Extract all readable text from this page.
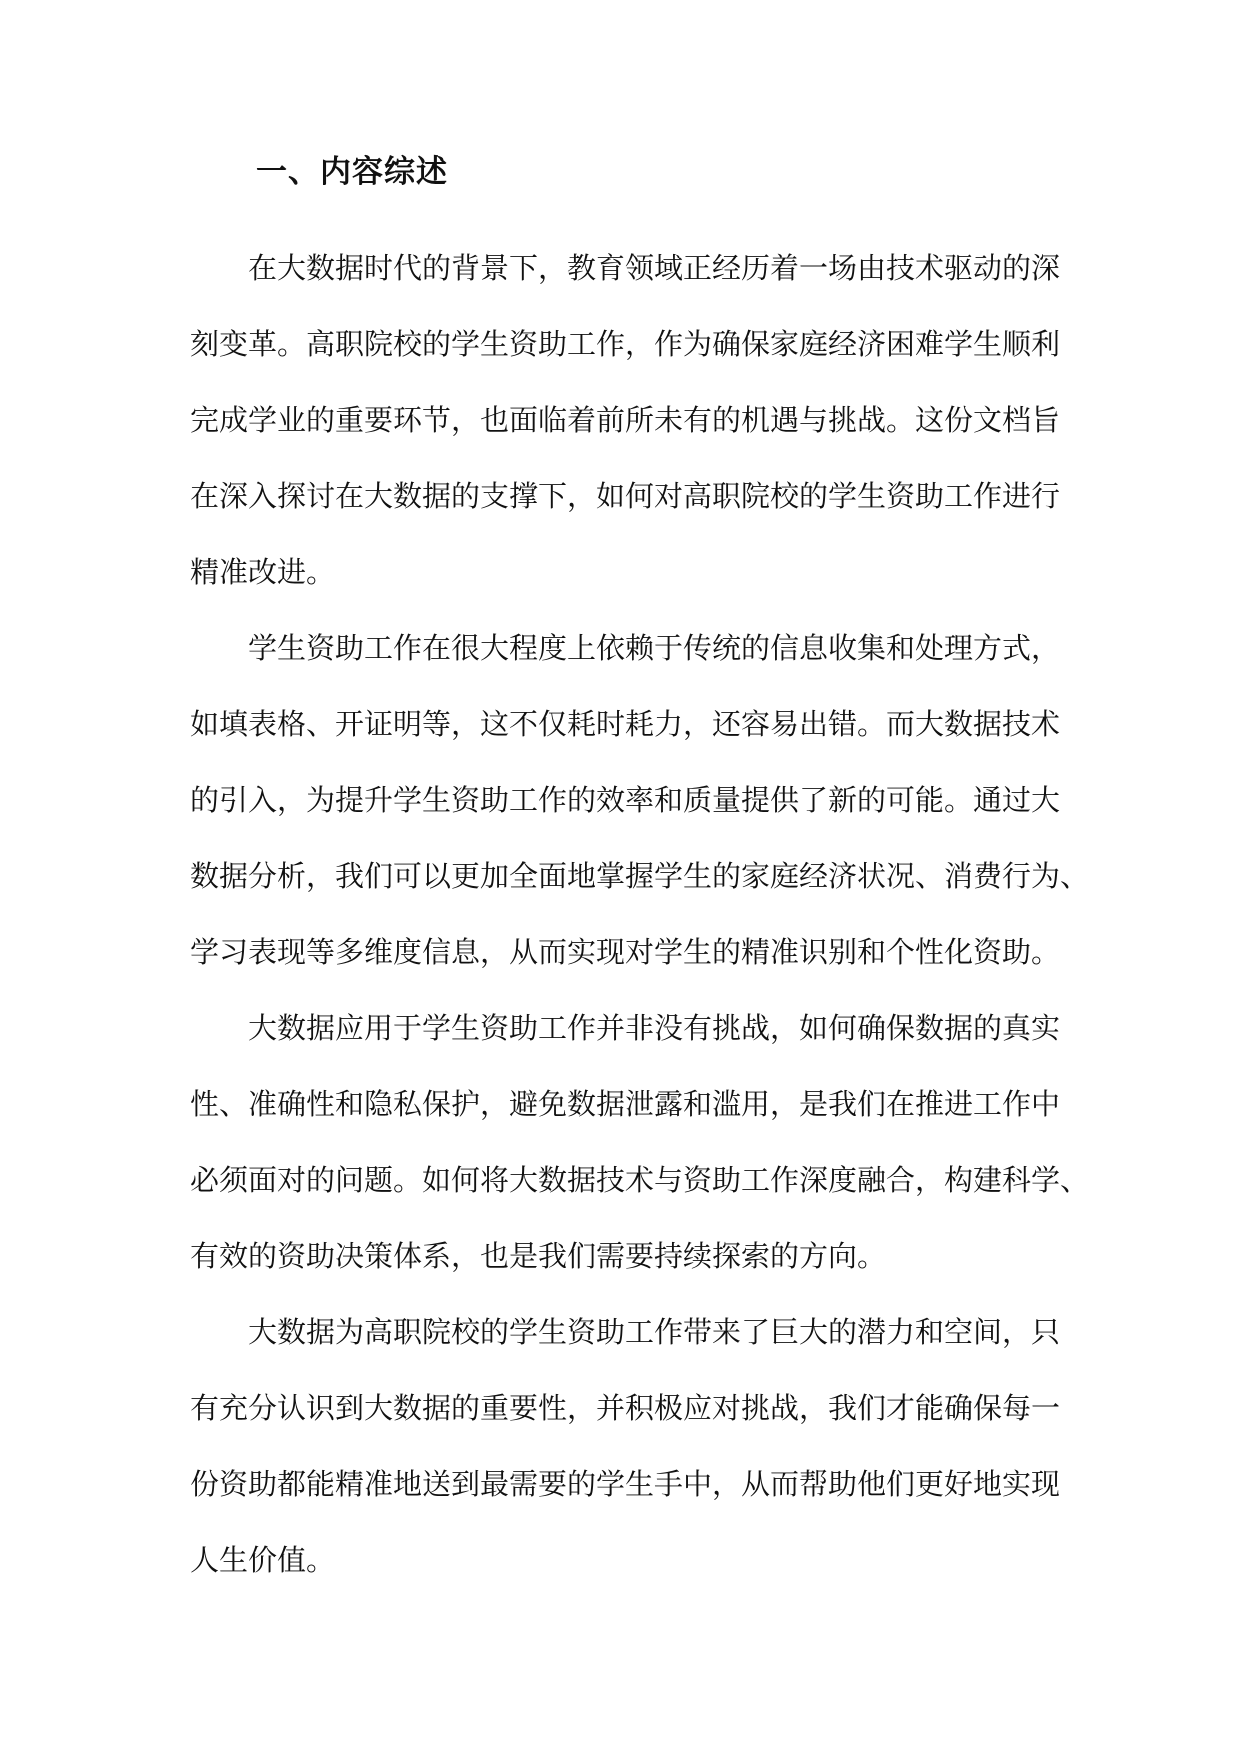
一、内容综述
在大数据时代的背景下，教育领域正经历着一场由技术驱动的深
刻变革。高职院校的学生资助工作，作为确保家庭经济困难学生顺利
完成学业的重要环节，也面临着前所未有的机遇与挑战。这份文档旨
在深入探讨在大数据的支撑下，如何对高职院校的学生资助工作进行
精准改进。
学生资助工作在很大程度上依赖于传统的信息收集和处理方式，
如填表格、开证明等，这不仅耗时耗力，还容易出错。而大数据技术
的引入，为提升学生资助工作的效率和质量提供了新的可能。通过大
数据分析，我们可以更加全面地掌握学生的家庭经济状况、消费行为、
学习表现等多维度信息，从而实现对学生的精准识别和个性化资助。
大数据应用于学生资助工作并非没有挑战，如何确保数据的真实
性、准确性和隐私保护，避免数据泄露和滥用，是我们在推进工作中
必须面对的问题。如何将大数据技术与资助工作深度融合，构建科学、
有效的资助决策体系，也是我们需要持续探索的方向。
大数据为高职院校的学生资助工作带来了巨大的潜力和空间，只
有充分认识到大数据的重要性，并积极应对挑战，我们才能确保每一
份资助都能精准地送到最需要的学生手中，从而帮助他们更好地实现
人生价值。
